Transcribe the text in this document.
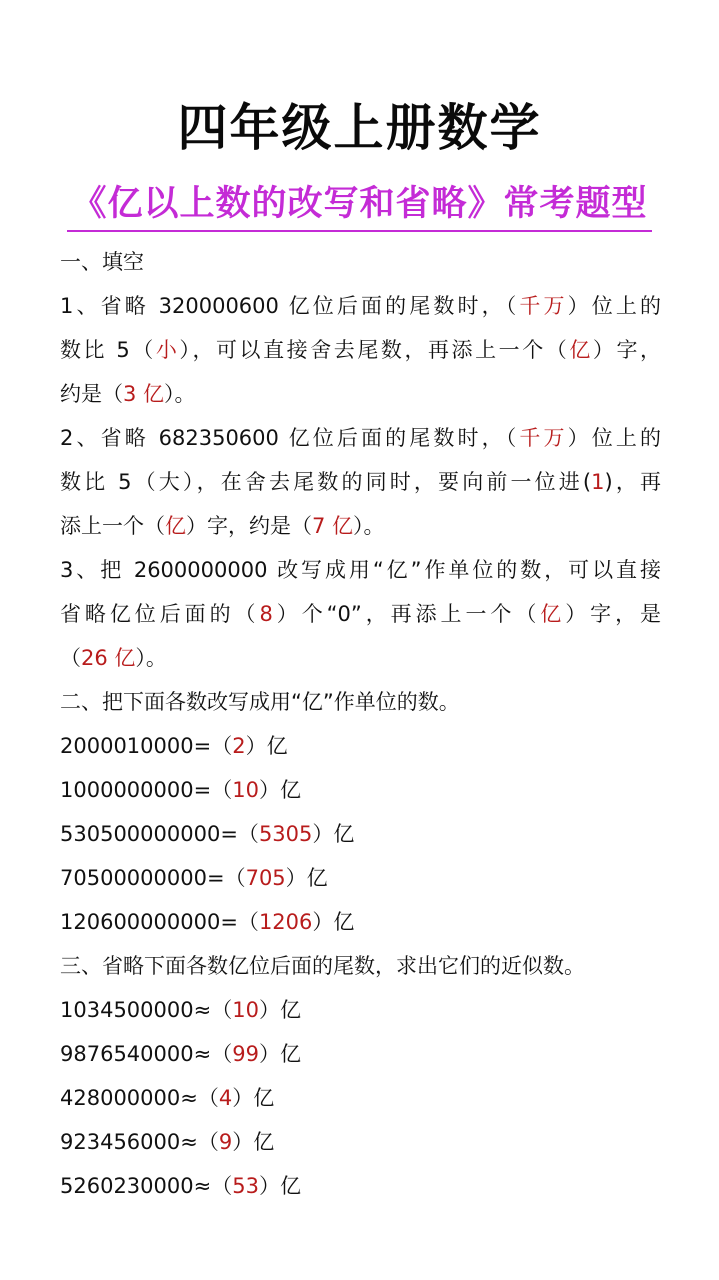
四年级上册数学
《亿以上数的改写和省略》常考题型
一、填空
1、省略 320000600 亿位后面的尾数时，（千万）位上的
数比 5（小），可以直接舍去尾数，再添上一个（亿）字，
约是（3 亿）。
2、省略 682350600 亿位后面的尾数时，（千万）位上的
数比 5（大），在舍去尾数的同时，要向前一位进(1)，再
添上一个（亿）字，约是（7 亿）。
3、把 2600000000 改写成用“亿”作单位的数，可以直接
省略亿位后面的（8）个“0”，再添上一个（亿）字，是
（26 亿）。
二、把下面各数改写成用“亿”作单位的数。
2000010000=（2）亿
1000000000=（10）亿
530500000000=（5305）亿
70500000000=（705）亿
120600000000=（1206）亿
三、省略下面各数亿位后面的尾数，求出它们的近似数。
1034500000≈（10）亿
9876540000≈（99）亿
428000000≈（4）亿
923456000≈（9）亿
5260230000≈（53）亿
